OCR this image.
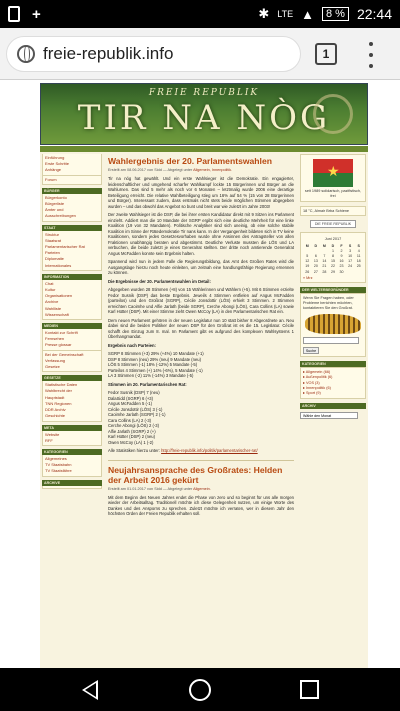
+	✱ LTE ▲	8 % 22:44
freie-republik.info	1
FREIE REPUBLIK
TIR NA NÒG
Einführung
Erste Schritte
Anhänge
Forum
BÜRGER
Bürgerkonto
Bürgerliste
Ämter und
Ausschreibungen
STAAT
Struktur
Staatsrat
Parlamentarischer Rat
Parteien
Diplomatie
Internationales
INFORMATION
Chat
Kultur
Organisationen
Archive
Wahlliste
Wissenschaft
MEDIEN
Kontakt zur Schrift
Fernsehen
Presse glossar
Bei der Gemeinschaft
Verfassung
Gesetze
GESETZE
Statistische Daten
Wahlbrecht der
Hauptstadt
TNN Regionen
DDR Archiv
Geschichte
META
Website
RFF
KATEGORIEN
Allgemeines
TV Staatsbahn
TV Staatsfähre
ARCHIVE
Wahlergebnis der 20. Parlamentswahlen
Erstellt am 08.06.2017 von Sidd — Abgelegt unter Allgemein, Innenpolitik.

Tir na nóg hat gewählt. Und ein erste Wahlsieger ist die Demokratie. Ein engagierter, leidenschaftlicher und umgehend scharfer Wahlkampf lockte 15 Bürgerinnen und Bürger an die Wahlurnen. Das sind 5 mehr als noch vor 6 Monaten – letztmalig wurde 2006 eine derartige Beteiligung erreicht. Die relative Wahlbeteiligung stieg um 16% auf 54 % (15 von 28 Bürgerinnen und Bürger). Interessant zudem, dass erstmals nicht stets beide möglichen Stimmen abgegeben wurden – und das obwohl das Angebot so bunt und breit war wie zuletzt im Jahre 2003!

Der zweite Wahlsieger ist die DSP, die bei ihrer ersten Kandidatur direkt mit 9 Sitzen ins Parlament einzieht. Addiert man die 10 Mandate der SGRP ergibt sich eine deutliche Mehrheit für eine linke Koalition (19 von 32 Mandaten). Politische Analytiker sind sich uneinig, ob eine solche stabile Koalition im Sinne der Rätedemokratie Tir nans kann. In der Vergangenheit bildeten sich in TV keine Koalitionen, sondern jedes Gesetzesvorhaben wurde ohne Ansinnen des Antragsteller von allen Fraktionen unabhängig beraten und abgestimmt. Deutliche Verluste mussten die LÖS und LA verbuchen, die beide zuletzt je eines Generalrat stellten. Der dritte noch amtierende Generalrat Angus McFadden konnte sein Ergebnis halten.

Spannend wird nun in jedem Falle die Regierungsbildung, das Amt des Großen Rates wird die Ausgangslage hierzu noch heute einleiten, um zeitnah eine handlungsfähige Regierung ernennen zu können.

Die Ergebnisse der 20. Parlamentswahlen im Detail:

Abgegeben wurden 28 Stimmen (+8) von 15 Wählerinnen und Wählern (+5). Mit 6 Stimmen erzielte Fedor Susnik (DSP) das beste Ergebnis. Jeweils 4 Stimmen entfielen auf Angus McFadden (parteilos) und den Großrat (SGRP), Cécile Jonsdottir (LÖS) erhielt 3 Stimmen. 2 Stimmen erreichten Caoimhe und Alfie Jarlath (beide SGRP), Cerche Abongi (LÖS), Cara Collins (LA) sowie Karl Hütter (DSP). Mit einer Stimme zieht Owen McCoy (LA) in den Parlamentarischen Rat ein.

Dem neuen Parlament gehören in der neuen Legislatur nun 10 statt bisher 8 Abgeordnete an. Neu dabei sind die beiden Politiker der neuen DSP für den Großrat ist es die 15. Legislatur. Cécile schafft den Einzug zum 8. mal. Im Parlament gibt es aufgrund des komplexen Wahlsystems 1 Überhangmandat.

Ergebnis nach Parteien:

SGRP 8 Stimmen (+3) 29% (+4%) 10 Mandate (+1)
DSP 8 Stimmen (neu) 29% (neu) 9 Mandate (neu)
LÖS 5 Stimmen (-1) 18% (-12%) 5 Mandate (-5)
Parteilos 4 Stimmen (+) 14% (-6%), 5 Mandate (-1)
LA 3 Stimmen (-2) 11% (-14%) 3 Mandate (-5)

Stimmen im 20. Parlamentarischen Rat:

Fedor Susnik (DSP) 7 (neu)
DalaSidd (SGRP) 6 (+3)
Angus McFadden 5 (-1)
Cécile Jonsdottir (LÖS) 3 (-1)
Caoimhe Jarlath (SGRP) 2 (-1)
Cara Collins (LA) 2 (-3)
Cerche Abongi (LÖS) 2 (-3)
Alfie Jarlath (SGRP) 2 (+)
Karl Hütter (DSP) 2 (neu)
Owen McCoy (LA) 1 (-2)

Alle Statistiken hierzu unter: http://freie-republik.info/politik/parlamentarischer-rat/

Neujahrsansprache des Großrates: Helden der Arbeit 2016 gekürt
Erstellt am 01.01.2017 von Sidd — Abgelegt unter Allgemein.

Mit dem Beginn des Neuen Jahres endet die Phase von zero und so beginnt für uns alle morgen wieder der Arbeitsalltag. Traditionell möchte ich diese Gelegenheit nutzen, um einige Worte des Dankes und des Ansporns zu sprechen. Zuletzt möchte ich verraten, wer in diesem Jahr den höchsten Orden der Freien Republik erhalten soll.

★
seit 1989 solidarisch, pazifistisch, frei
18 °C, Almair Brba Schiene
DIE FREIE REPUBLIK
Juni 2017
M	D	M	D	F	S	S
			1	2	3	4
5	6	7	8	9	10	11
12	13	14	15	16	17	18
19	20	21	22	23	24	25
26	27	28	29	30		
« Mrz
DER WELTERBEGRÜNDER
Wenn Sie Fragen haben, oder Probleme berichten möchten, kontaktieren Sie den Großrat.
Suche
KATEGORIEN
▸ Allgemein (66)
▸ Außenpolitik (6)
▸ VOS (3)
▸ Innenpolitik (6)
▸ Sport (9)
ARCHIV
Wähle den Monat
